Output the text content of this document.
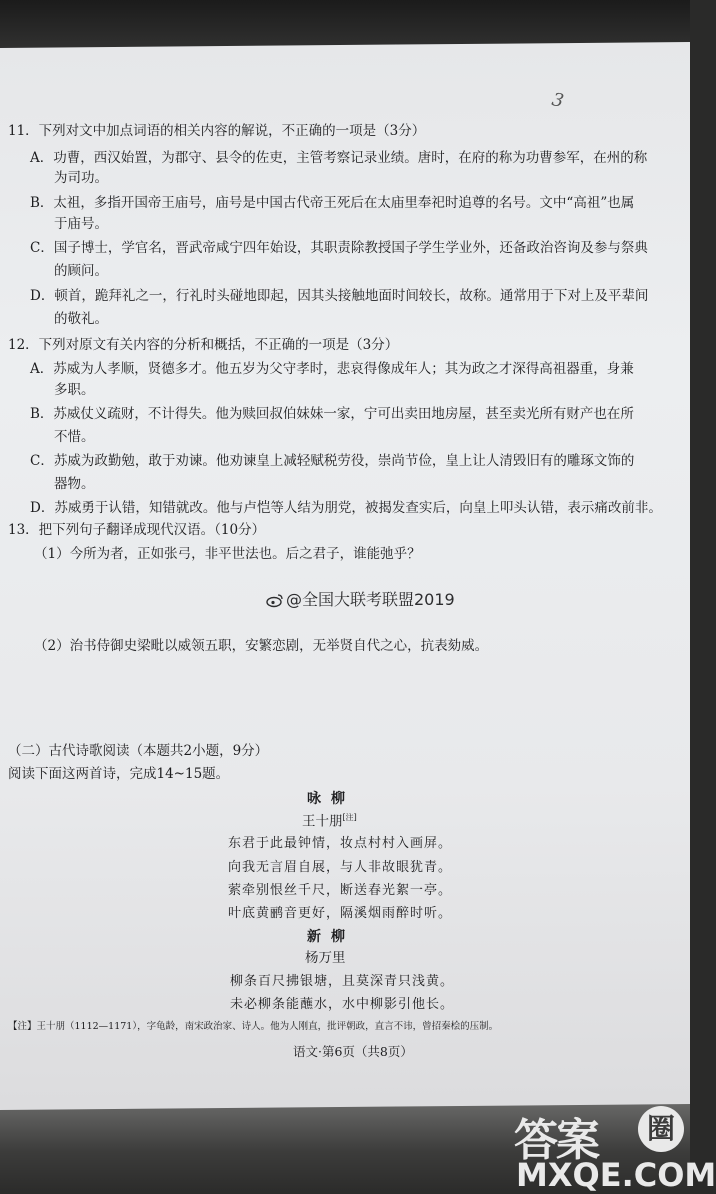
3
11．下列对文中加点词语的相关内容的解说，不正确的一项是（3分）
A．功曹，西汉始置，为郡守、县令的佐吏，主管考察记录业绩。唐时，在府的称为功曹参军，在州的称
为司功。
B．太祖，多指开国帝王庙号，庙号是中国古代帝王死后在太庙里奉祀时追尊的名号。文中“高祖”也属
于庙号。
C．国子博士，学官名，晋武帝咸宁四年始设，其职责除教授国子学生学业外，还备政治咨询及参与祭典
的顾问。
D．顿首，跪拜礼之一，行礼时头碰地即起，因其头接触地面时间较长，故称。通常用于下对上及平辈间
的敬礼。
12．下列对原文有关内容的分析和概括，不正确的一项是（3分）
A．苏威为人孝顺，贤德多才。他五岁为父守孝时，悲哀得像成年人；其为政之才深得高祖器重，身兼
多职。
B．苏威仗义疏财，不计得失。他为赎回叔伯妹妹一家，宁可出卖田地房屋，甚至卖光所有财产也在所
不惜。
C．苏威为政勤勉，敢于劝谏。他劝谏皇上减轻赋税劳役，崇尚节俭，皇上让人清毁旧有的雕琢文饰的
器物。
D．苏威勇于认错，知错就改。他与卢恺等人结为朋党，被揭发查实后，向皇上叩头认错，表示痛改前非。
13．把下列句子翻译成现代汉语。（10分）
（1）今所为者，正如张弓，非平世法也。后之君子，谁能弛乎？
（2）治书侍御史梁毗以威领五职，安繁恋剧，无举贤自代之心，抗表劾威。
@全国大联考联盟2019
（二）古代诗歌阅读（本题共2小题，9分）
阅读下面这两首诗，完成14~15题。
咏柳
王十朋[注]
东君于此最钟情，妆点村村入画屏。
向我无言眉自展，与人非故眼犹青。
萦牵别恨丝千尺，断送春光絮一亭。
叶底黄鹂音更好，隔溪烟雨醉时听。
新柳
杨万里
柳条百尺拂银塘，且莫深青只浅黄。
未必柳条能蘸水，水中柳影引他长。
【注】王十朋（1112—1171），字龟龄，南宋政治家、诗人。他为人刚直，批评朝政，直言不讳，曾招秦桧的压制。
语文·第6页（共8页）
答案	圈
MXQE.COM
